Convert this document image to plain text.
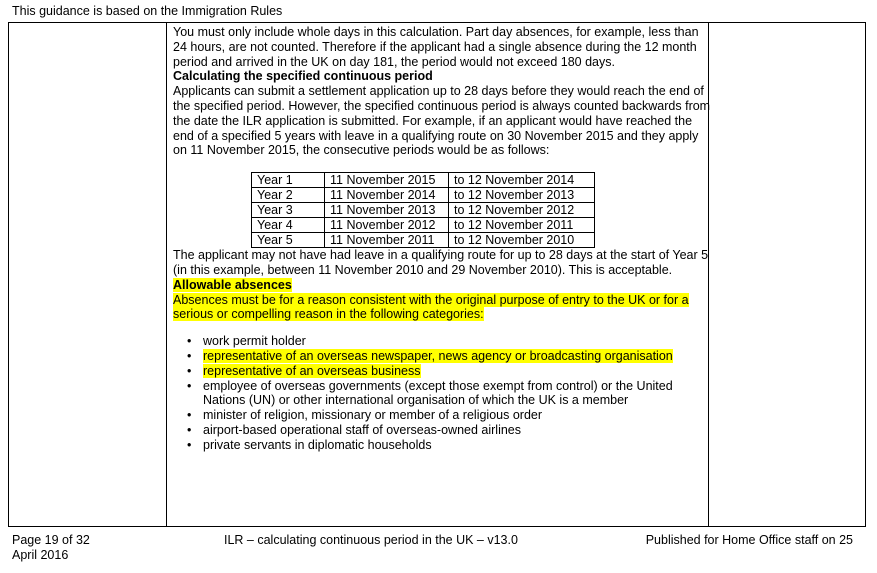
This guidance is based on the Immigration Rules

You must only include whole days in this calculation. Part day absences, for example, less than 24 hours, are not counted. Therefore if the applicant had a single absence during the 12 month period and arrived in the UK on day 181, the period would not exceed 180 days.

Calculating the specified continuous period

Applicants can submit a settlement application up to 28 days before they would reach the end of the specified period. However, the specified continuous period is always counted backwards from the date the ILR application is submitted. For example, if an applicant would have reached the end of a specified 5 years with leave in a qualifying route on 30 November 2015 and they apply on 11 November 2015, the consecutive periods would be as follows:

Year 1	11 November 2015	to 12 November 2014
Year 2	11 November 2014	to 12 November 2013
Year 3	11 November 2013	to 12 November 2012
Year 4	11 November 2012	to 12 November 2011
Year 5	11 November 2011	to 12 November 2010

The applicant may not have had leave in a qualifying route for up to 28 days at the start of Year 5 (in this example, between 11 November 2010 and 29 November 2010). This is acceptable.

Allowable absences

Absences must be for a reason consistent with the original purpose of entry to the UK or for a serious or compelling reason in the following categories:

• work permit holder
• representative of an overseas newspaper, news agency or broadcasting organisation
• representative of an overseas business
• employee of overseas governments (except those exempt from control) or the United Nations (UN) or other international organisation of which the UK is a member
• minister of religion, missionary or member of a religious order
• airport-based operational staff of overseas-owned airlines
• private servants in diplomatic households
Page 19 of 32
April 2016
ILR – calculating continuous period in the UK – v13.0	Published for Home Office staff on 25
